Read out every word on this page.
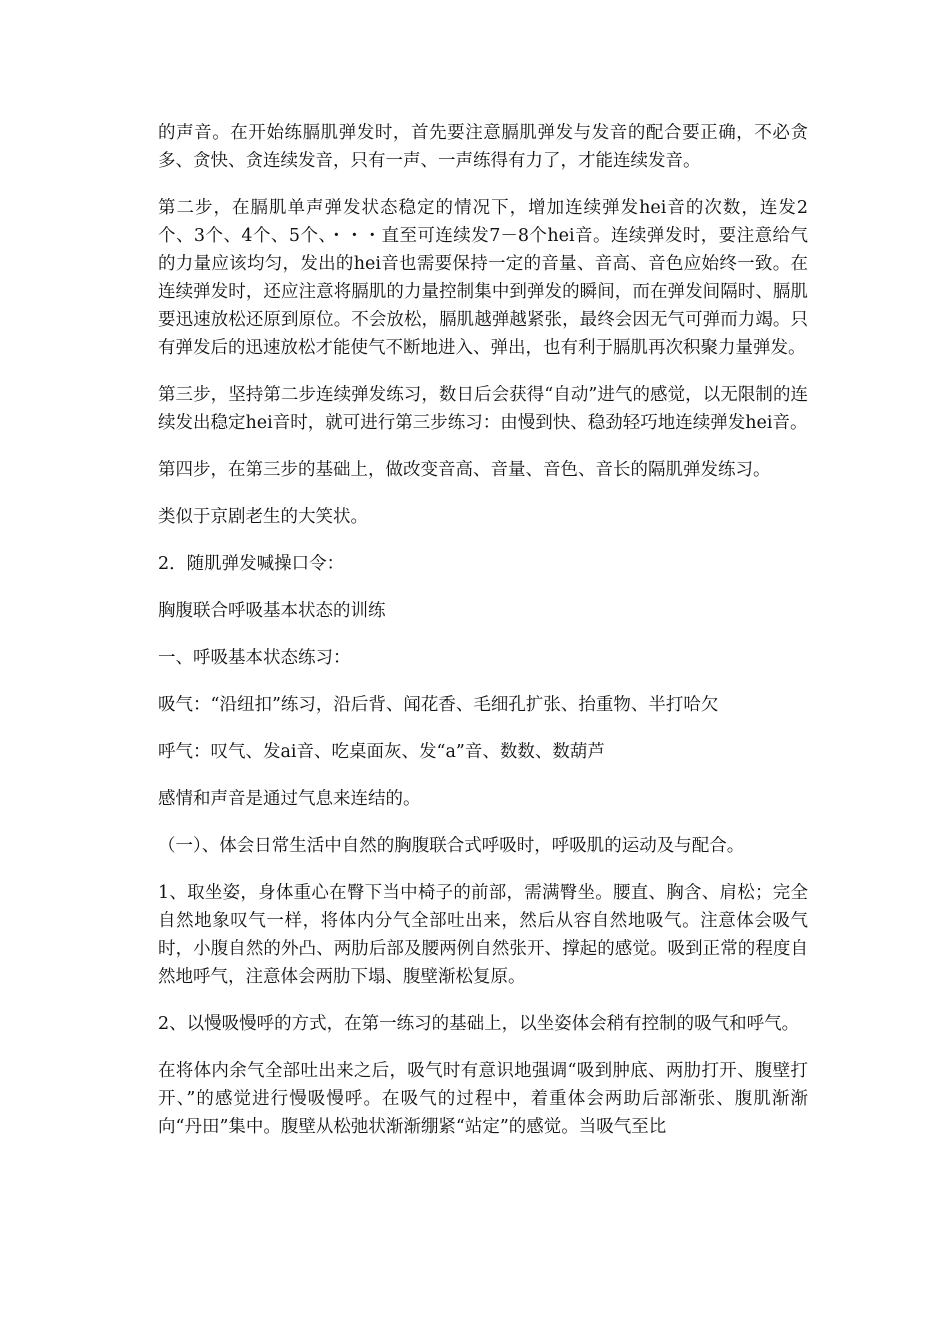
的声音。在开始练膈肌弹发时，首先要注意膈肌弹发与发音的配合要正确，不必贪多、贪快、贪连续发音，只有一声、一声练得有力了，才能连续发音。

第二步，在膈肌单声弹发状态稳定的情况下，增加连续弹发hei音的次数，连发2个、3个、4个、5个、・・・直至可连续发7－8个hei音。连续弹发时，要注意给气的力量应该均匀，发出的hei音也需要保持一定的音量、音高、音色应始终一致。在连续弹发时，还应注意将膈肌的力量控制集中到弹发的瞬间，而在弹发间隔时、膈肌要迅速放松还原到原位。不会放松，膈肌越弹越紧张，最终会因无气可弹而力竭。只有弹发后的迅速放松才能使气不断地进入、弹出，也有利于膈肌再次积聚力量弹发。

第三步，坚持第二步连续弹发练习，数日后会获得“自动”进气的感觉，以无限制的连续发出稳定hei音时，就可进行第三步练习：由慢到快、稳劲轻巧地连续弹发hei音。

第四步，在第三步的基础上，做改变音高、音量、音色、音长的隔肌弹发练习。

类似于京剧老生的大笑状。

2．随肌弹发喊操口令：

胸腹联合呼吸基本状态的训练

一、呼吸基本状态练习：

吸气：“沿纽扣”练习，沿后背、闻花香、毛细孔扩张、抬重物、半打哈欠

呼气：叹气、发ai音、吃桌面灰、发“a”音、数数、数葫芦

感情和声音是通过气息来连结的。

（一）、体会日常生活中自然的胸腹联合式呼吸时，呼吸肌的运动及与配合。

1、取坐姿，身体重心在臀下当中椅子的前部，需满臀坐。腰直、胸含、肩松；完全自然地象叹气一样，将体内分气全部吐出来，然后从容自然地吸气。注意体会吸气时，小腹自然的外凸、两肋后部及腰两例自然张开、撑起的感觉。吸到正常的程度自然地呼气，注意体会两肋下塌、腹壁渐松复原。

2、以慢吸慢呼的方式，在第一练习的基础上，以坐姿体会稍有控制的吸气和呼气。

在将体内余气全部吐出来之后，吸气时有意识地强调“吸到肿底、两肋打开、腹壁打开、”的感觉进行慢吸慢呼。在吸气的过程中，着重体会两助后部渐张、腹肌渐渐向“丹田”集中。腹壁从松弛状渐渐绷紧“站定”的感觉。当吸气至比
